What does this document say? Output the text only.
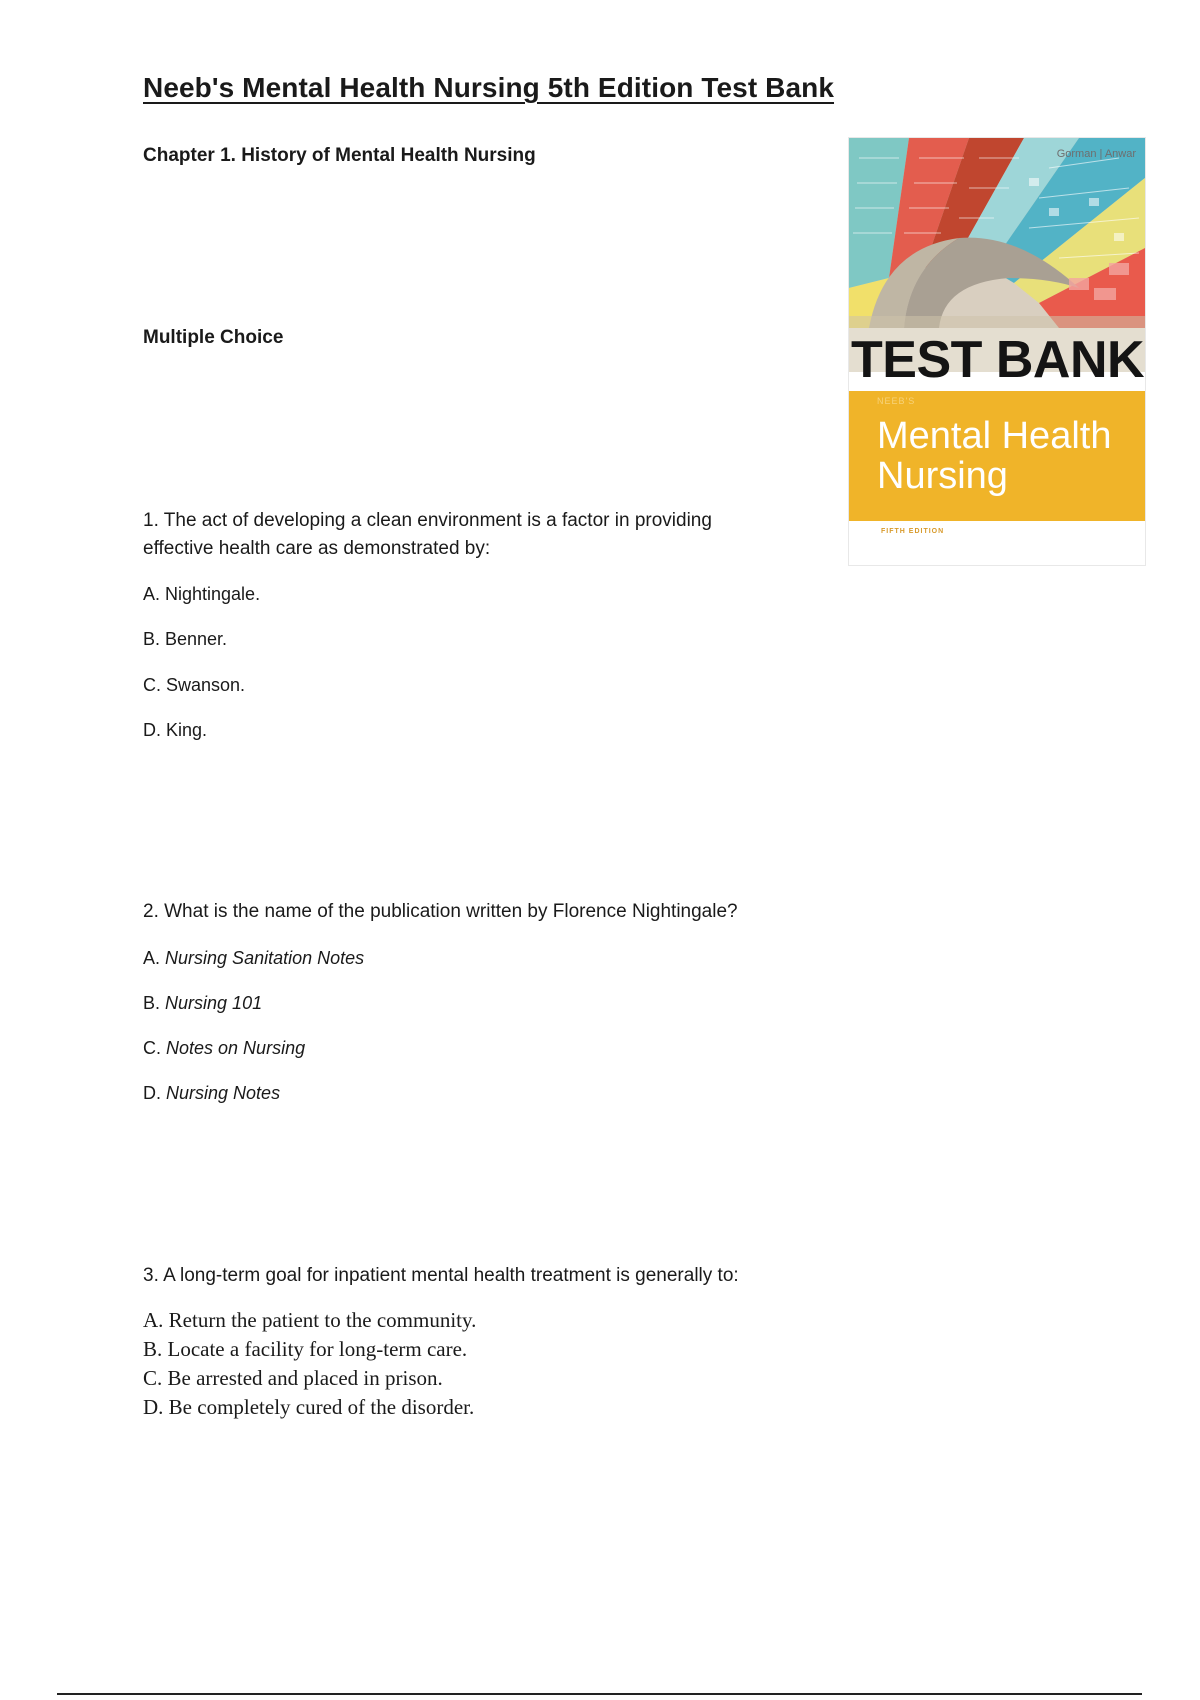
Neeb's Mental Health Nursing 5th Edition Test Bank
Chapter 1. History of Mental Health Nursing
Multiple Choice
Gorman | Anwar
TEST BANK
NEEB'S
Mental Health
Nursing
FIFTH EDITION
1. The act of developing a clean environment is a factor in providing
effective health care as demonstrated by:
A. Nightingale.
B. Benner.
C. Swanson.
D. King.
2. What is the name of the publication written by Florence Nightingale?
A. Nursing Sanitation Notes
B. Nursing 101
C. Notes on Nursing
D. Nursing Notes
3. A long-term goal for inpatient mental health treatment is generally to:
A. Return the patient to the community.
B. Locate a facility for long-term care.
C. Be arrested and placed in prison.
D. Be completely cured of the disorder.
